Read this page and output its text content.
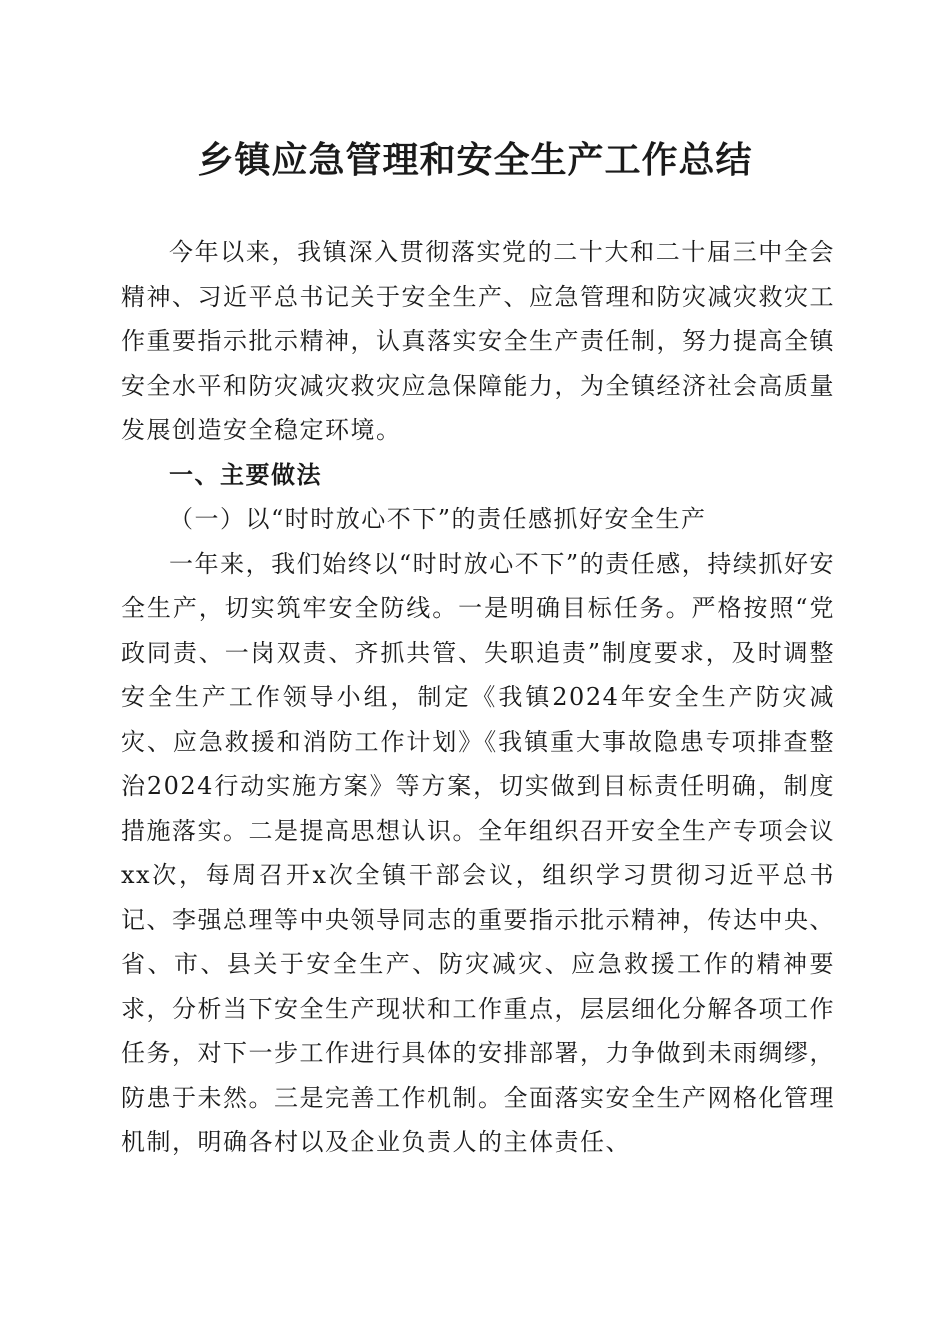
乡镇应急管理和安全生产工作总结

今年以来，我镇深入贯彻落实党的二十大和二十届三中全会精神、习近平总书记关于安全生产、应急管理和防灾减灾救灾工作重要指示批示精神，认真落实安全生产责任制，努力提高全镇安全水平和防灾减灾救灾应急保障能力，为全镇经济社会高质量发展创造安全稳定环境。

一、主要做法

（一）以“时时放心不下”的责任感抓好安全生产

一年来，我们始终以“时时放心不下”的责任感，持续抓好安全生产，切实筑牢安全防线。一是明确目标任务。严格按照“党政同责、一岗双责、齐抓共管、失职追责”制度要求，及时调整安全生产工作领导小组，制定《我镇2024年安全生产防灾减灾、应急救援和消防工作计划》《我镇重大事故隐患专项排查整治2024行动实施方案》等方案，切实做到目标责任明确，制度措施落实。二是提高思想认识。全年组织召开安全生产专项会议xx次，每周召开x次全镇干部会议，组织学习贯彻习近平总书记、李强总理等中央领导同志的重要指示批示精神，传达中央、省、市、县关于安全生产、防灾减灾、应急救援工作的精神要求，分析当下安全生产现状和工作重点，层层细化分解各项工作任务，对下一步工作进行具体的安排部署，力争做到未雨绸缪，防患于未然。三是完善工作机制。全面落实安全生产网格化管理机制，明确各村以及企业负责人的主体责任、
